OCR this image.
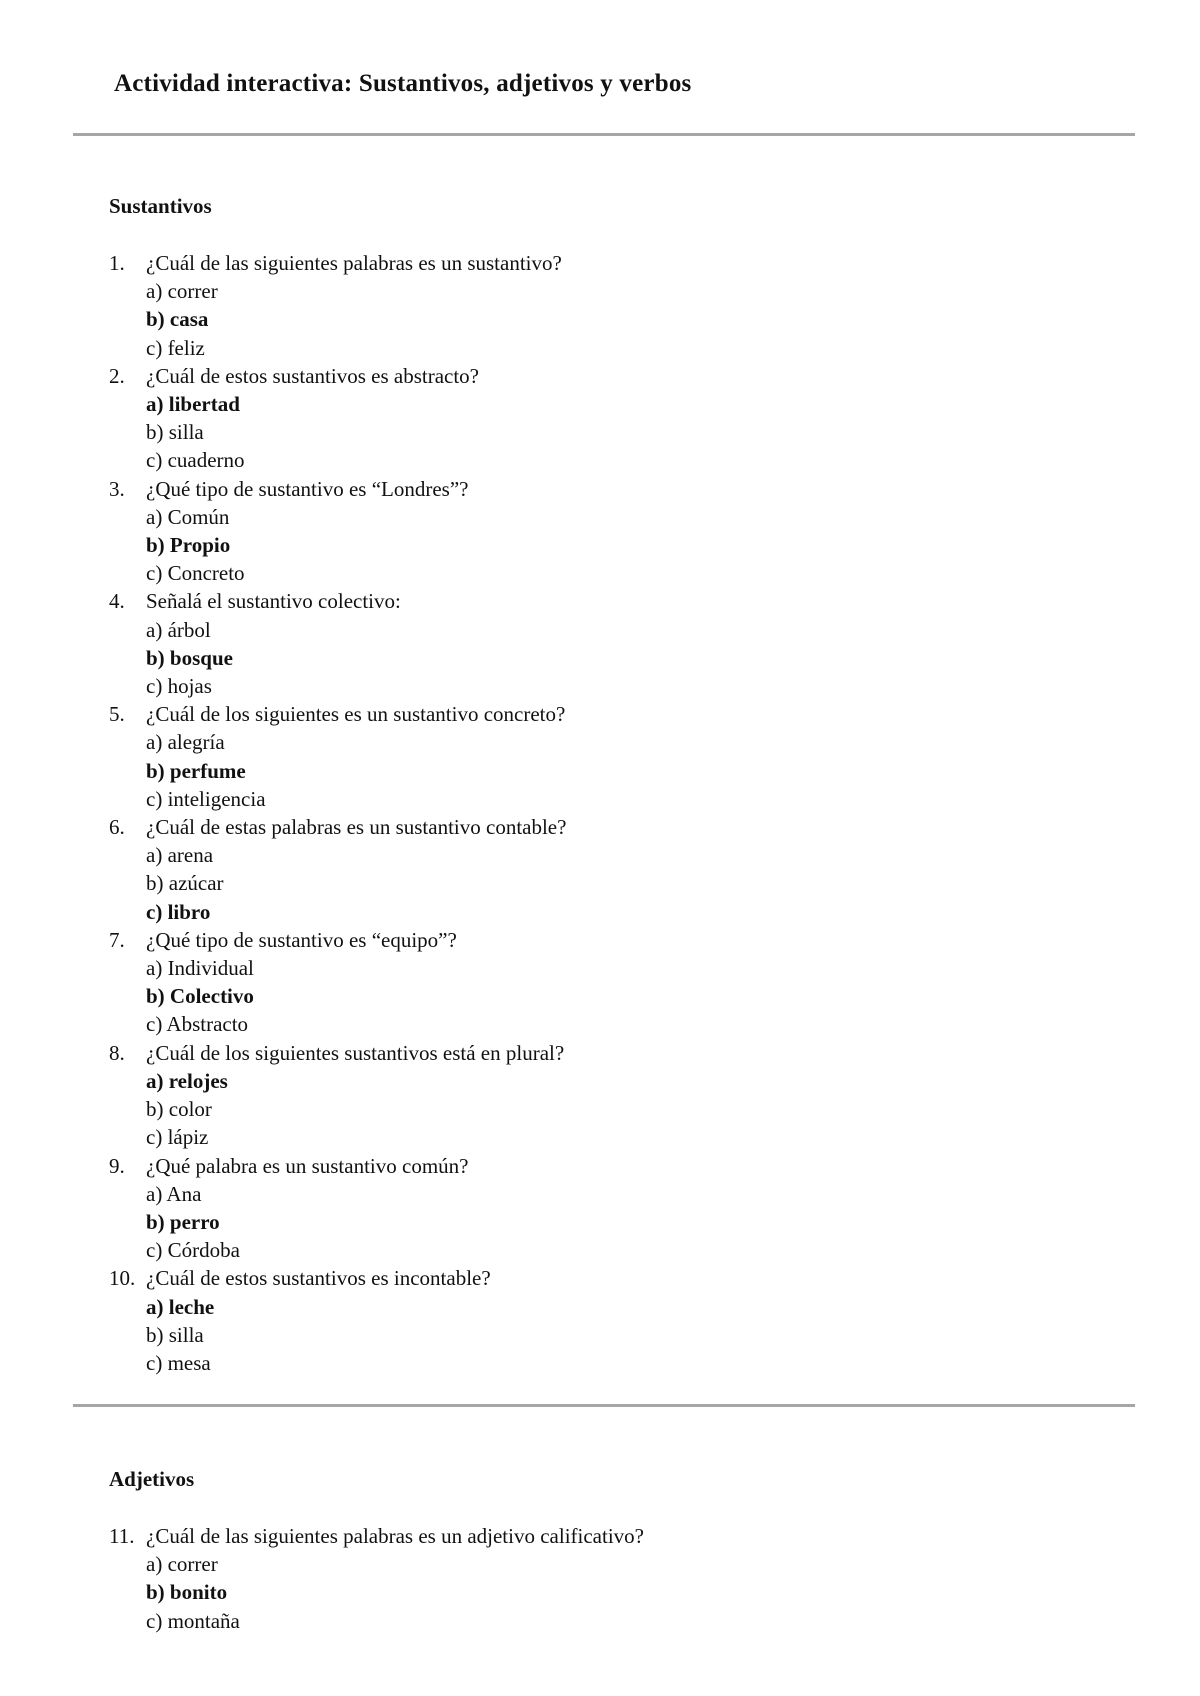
Actividad interactiva: Sustantivos, adjetivos y verbos
Sustantivos
1. ¿Cuál de las siguientes palabras es un sustantivo?
a) correr
b) casa
c) feliz
2. ¿Cuál de estos sustantivos es abstracto?
a) libertad
b) silla
c) cuaderno
3. ¿Qué tipo de sustantivo es “Londres”?
a) Común
b) Propio
c) Concreto
4. Señalá el sustantivo colectivo:
a) árbol
b) bosque
c) hojas
5. ¿Cuál de los siguientes es un sustantivo concreto?
a) alegría
b) perfume
c) inteligencia
6. ¿Cuál de estas palabras es un sustantivo contable?
a) arena
b) azúcar
c) libro
7. ¿Qué tipo de sustantivo es “equipo”?
a) Individual
b) Colectivo
c) Abstracto
8. ¿Cuál de los siguientes sustantivos está en plural?
a) relojes
b) color
c) lápiz
9. ¿Qué palabra es un sustantivo común?
a) Ana
b) perro
c) Córdoba
10. ¿Cuál de estos sustantivos es incontable?
a) leche
b) silla
c) mesa
Adjetivos
11. ¿Cuál de las siguientes palabras es un adjetivo calificativo?
a) correr
b) bonito
c) montaña
